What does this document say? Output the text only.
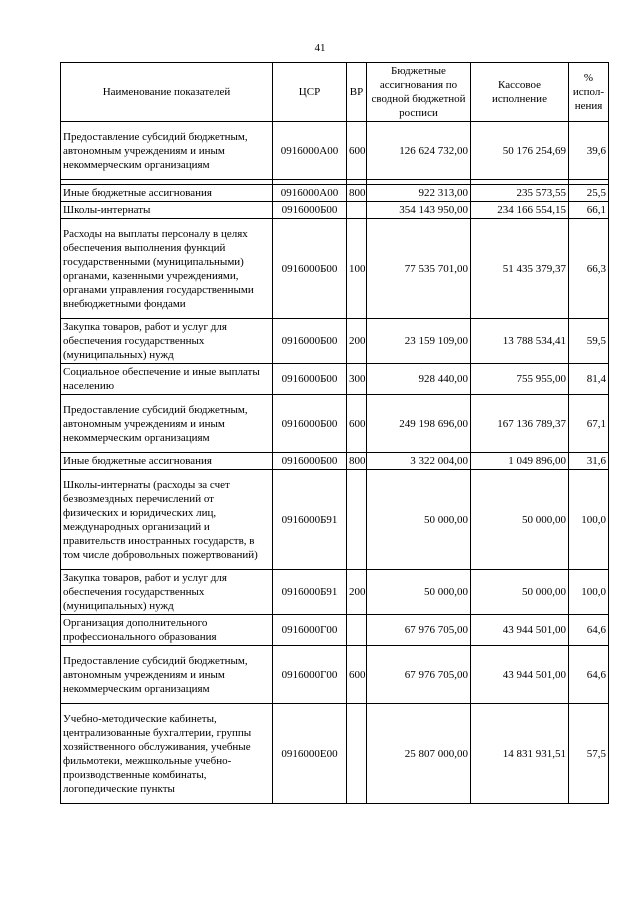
41
Наименование показателей	ЦСР	ВР	Бюджетные ассигнования по сводной бюджетной росписи	Кассовое исполнение	% испол-нения
Предоставление субсидий бюджетным, автономным учреждениям и иным некоммерческим организациям	0916000А00	600	126 624 732,00	50 176 254,69	39,6

Иные бюджетные ассигнования	0916000А00	800	922 313,00	235 573,55	25,5
Школы-интернаты	0916000Б00		354 143 950,00	234 166 554,15	66,1
Расходы на выплаты персоналу в целях обеспечения выполнения функций государственными (муниципальными) органами, казенными учреждениями, органами управления государственными внебюджетными фондами	0916000Б00	100	77 535 701,00	51 435 379,37	66,3
Закупка товаров, работ и услуг для обеспечения государственных (муниципальных) нужд	0916000Б00	200	23 159 109,00	13 788 534,41	59,5
Социальное обеспечение и иные выплаты населению	0916000Б00	300	928 440,00	755 955,00	81,4
Предоставление субсидий бюджетным, автономным учреждениям и иным некоммерческим организациям	0916000Б00	600	249 198 696,00	167 136 789,37	67,1
Иные бюджетные ассигнования	0916000Б00	800	3 322 004,00	1 049 896,00	31,6
Школы-интернаты (расходы за счет безвозмездных перечислений от физических и юридических лиц, международных организаций и правительств иностранных государств, в том числе добровольных пожертвований)	0916000Б91		50 000,00	50 000,00	100,0
Закупка товаров, работ и услуг для обеспечения государственных (муниципальных) нужд	0916000Б91	200	50 000,00	50 000,00	100,0
Организация дополнительного профессионального образования	0916000Г00		67 976 705,00	43 944 501,00	64,6
Предоставление субсидий бюджетным, автономным учреждениям и иным некоммерческим организациям	0916000Г00	600	67 976 705,00	43 944 501,00	64,6
Учебно-методические кабинеты, централизованные бухгалтерии, группы хозяйственного обслуживания, учебные фильмотеки, межшкольные учебно-производственные комбинаты, логопедические пункты	0916000Е00		25 807 000,00	14 831 931,51	57,5
